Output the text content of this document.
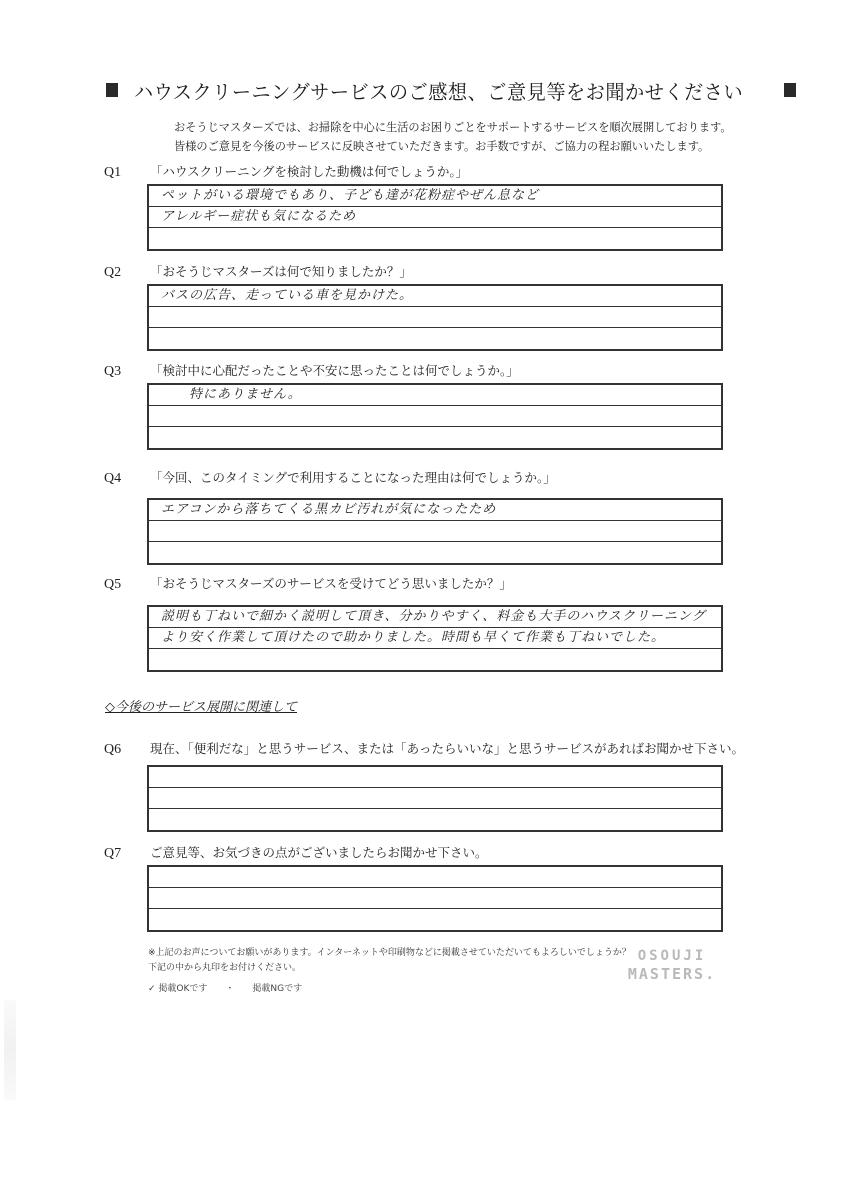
ハウスクリーニングサービスのご感想、ご意見等をお聞かせください
おそうじマスターズでは、お掃除を中心に生活のお困りごとをサポートするサービスを順次展開しております。
皆様のご意見を今後のサービスに反映させていただきます。お手数ですが、ご協力の程お願いいたします。
Q1 「ハウスクリーニングを検討した動機は何でしょうか。」
ペットがいる環境でもあり、子ども達が花粉症やぜん息など
アレルギー症状も気になるため
Q2 「おそうじマスターズは何で知りましたか？」
バスの広告、走っている車を見かけた。
Q3 「検討中に心配だったことや不安に思ったことは何でしょうか。」
　　特にありません。
Q4 「今回、このタイミングで利用することになった理由は何でしょうか。」
エアコンから落ちてくる黒カビ汚れが気になったため
Q5 「おそうじマスターズのサービスを受けてどう思いましたか？」
説明も丁ねいで細かく説明して頂き、分かりやすく、料金も大手のハウスクリーニング
より安く作業して頂けたので助かりました。時間も早くて作業も丁ねいでした。
◇今後のサービス展開に関連して
Q6 現在、「便利だな」と思うサービス、または「あったらいいな」と思うサービスがあればお聞かせ下さい。
Q7 ご意見等、お気づきの点がございましたらお聞かせ下さい。
※上記のお声についてお願いがあります。インターネットや印刷物などに掲載させていただいてもよろしいでしょうか？
下記の中から丸印をお付けください。
✓ 掲載OKです　　・　　掲載NGです
OSOUJI
MASTERS.
